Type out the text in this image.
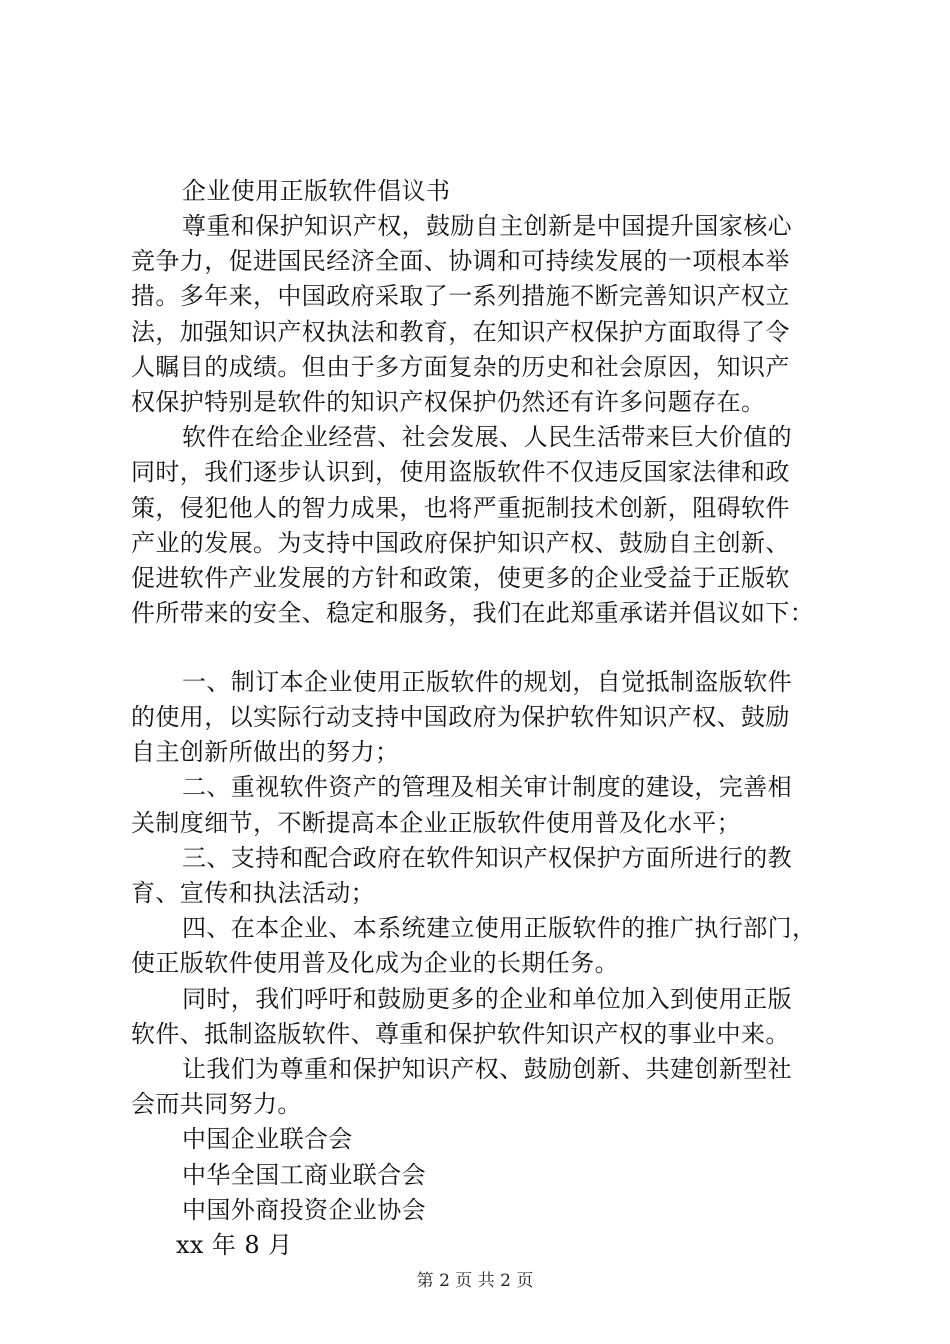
企业使用正版软件倡议书
尊重和保护知识产权，鼓励自主创新是中国提升国家核心
竞争力，促进国民经济全面、协调和可持续发展的一项根本举
措。多年来，中国政府采取了一系列措施不断完善知识产权立
法，加强知识产权执法和教育，在知识产权保护方面取得了令
人瞩目的成绩。但由于多方面复杂的历史和社会原因，知识产
权保护特别是软件的知识产权保护仍然还有许多问题存在。
软件在给企业经营、社会发展、人民生活带来巨大价值的
同时，我们逐步认识到，使用盗版软件不仅违反国家法律和政
策，侵犯他人的智力成果，也将严重扼制技术创新，阻碍软件
产业的发展。为支持中国政府保护知识产权、鼓励自主创新、
促进软件产业发展的方针和政策，使更多的企业受益于正版软
件所带来的安全、稳定和服务，我们在此郑重承诺并倡议如下：
一、制订本企业使用正版软件的规划，自觉抵制盗版软件
的使用，以实际行动支持中国政府为保护软件知识产权、鼓励
自主创新所做出的努力；
二、重视软件资产的管理及相关审计制度的建设，完善相
关制度细节，不断提高本企业正版软件使用普及化水平；
三、支持和配合政府在软件知识产权保护方面所进行的教
育、宣传和执法活动；
四、在本企业、本系统建立使用正版软件的推广执行部门，
使正版软件使用普及化成为企业的长期任务。
同时，我们呼吁和鼓励更多的企业和单位加入到使用正版
软件、抵制盗版软件、尊重和保护软件知识产权的事业中来。
让我们为尊重和保护知识产权、鼓励创新、共建创新型社
会而共同努力。
中国企业联合会
中华全国工商业联合会
中国外商投资企业协会
xx 年 8 月
第 2 页 共 2 页
